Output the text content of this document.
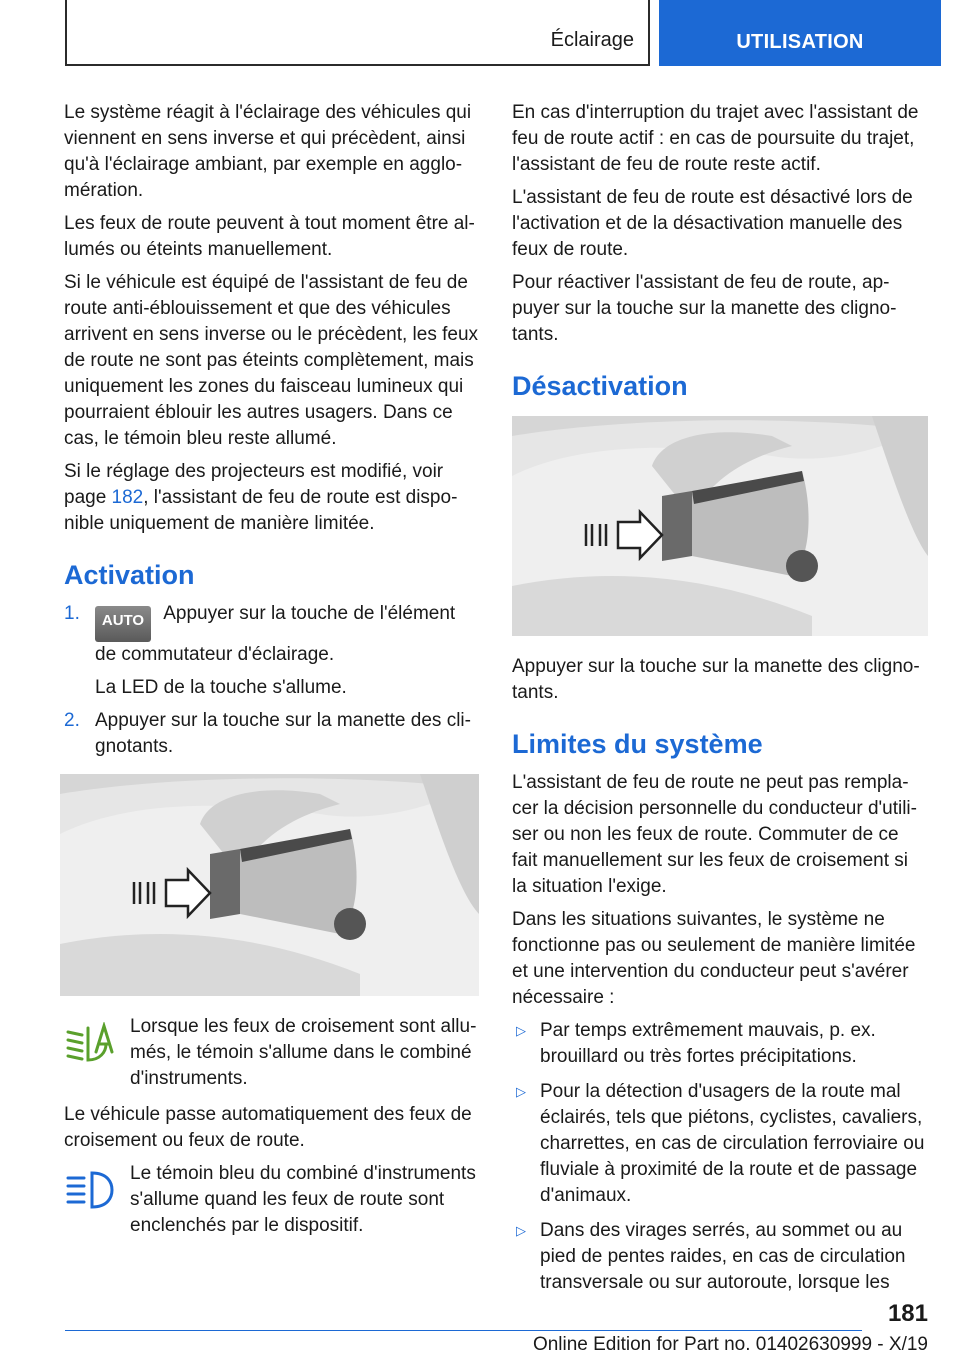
Éclairage	UTILISATION

Le système réagit à l'éclairage des véhicules qui viennent en sens inverse et qui précèdent, ainsi qu'à l'éclairage ambiant, par exemple en agglomération.

Les feux de route peuvent à tout moment être allumés ou éteints manuellement.

Si le véhicule est équipé de l'assistant de feu de route anti-éblouissement et que des véhicules arrivent en sens inverse ou le précèdent, les feux de route ne sont pas éteints complètement, mais uniquement les zones du faisceau lumineux qui pourraient éblouir les autres usagers. Dans ce cas, le témoin bleu reste allumé.

Si le réglage des projecteurs est modifié, voir page 182, l'assistant de feu de route est disponible uniquement de manière limitée.

Activation
1. AUTO Appuyer sur la touche de l'élément de commutateur d'éclairage.
La LED de la touche s'allume.
2. Appuyer sur la touche sur la manette des clignotants.
Lorsque les feux de croisement sont allumés, le témoin s'allume dans le combiné d'instruments.

Le véhicule passe automatiquement des feux de croisement ou feux de route.

Le témoin bleu du combiné d'instruments s'allume quand les feux de route sont enclenchés par le dispositif.

En cas d'interruption du trajet avec l'assistant de feu de route actif : en cas de poursuite du trajet, l'assistant de feu de route reste actif.

L'assistant de feu de route est désactivé lors de l'activation et de la désactivation manuelle des feux de route.

Pour réactiver l'assistant de feu de route, appuyer sur la touche sur la manette des clignotants.

Désactivation

Appuyer sur la touche sur la manette des clignotants.

Limites du système

L'assistant de feu de route ne peut pas remplacer la décision personnelle du conducteur d'utiliser ou non les feux de route. Commuter de ce fait manuellement sur les feux de croisement si la situation l'exige.

Dans les situations suivantes, le système ne fonctionne pas ou seulement de manière limitée et une intervention du conducteur peut s'avérer nécessaire :

▷ Par temps extrêmement mauvais, p. ex. brouillard ou très fortes précipitations.
▷ Pour la détection d'usagers de la route mal éclairés, tels que piétons, cyclistes, cavaliers, charrettes, en cas de circulation ferroviaire ou fluviale à proximité de la route et de passage d'animaux.
▷ Dans des virages serrés, au sommet ou au pied de pentes raides, en cas de circulation transversale ou sur autoroute, lorsque les
181
Online Edition for Part no. 01402630999 - X/19
